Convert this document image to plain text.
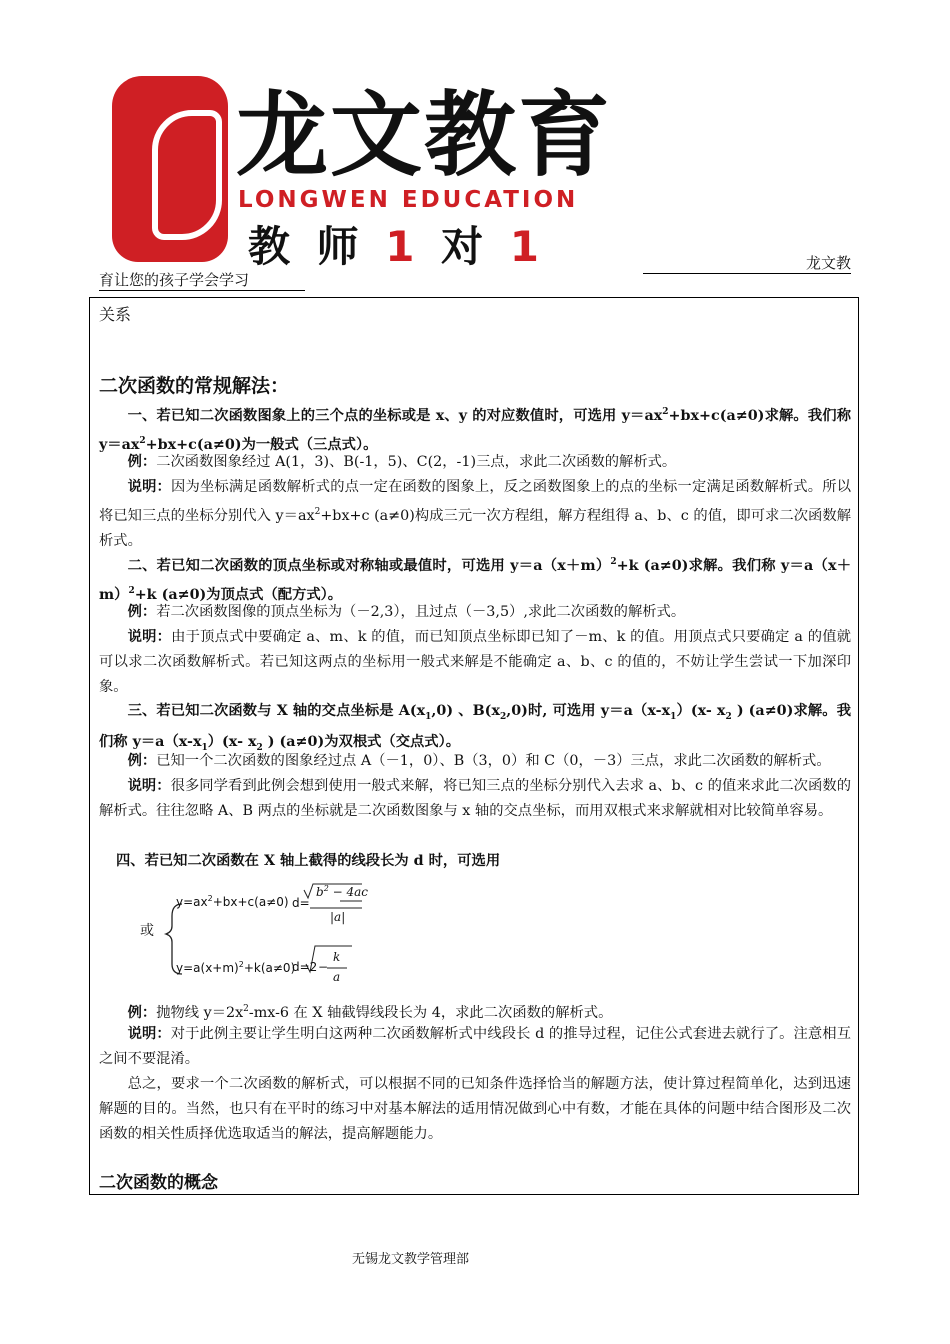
龙文教育
LONGWEN EDUCATION
教 师 1 对 1	龙文教
育让您的孩子学会学习
关系
二次函数的常规解法：
一、若已知二次函数图象上的三个点的坐标或是 x、y 的对应数值时，可选用 $y=ax^2+bx+c(a\ne 0)$求解。我们称 $y=ax^2+bx+c(a\ne 0)$为一般式（三点式）。
例：二次函数图象经过 A(1，3)、B(-1，5)、C(2，-1)三点，求此二次函数的解析式。
说明：因为坐标满足函数解析式的点一定在函数的图象上，反之函数图象上的点的坐标一定满足函数解析式。所以将已知三点的坐标分别代入 $y=ax^2+bx+c$ (a≠0)构成三元一次方程组，解方程组得 a、b、c 的值，即可求二次函数解析式。
二、若已知二次函数的顶点坐标或对称轴或最值时，可选用 $y=a(x+m)^2+k$ (a≠0)求解。我们称 $y=a(x+m)^2+k$ (a≠0)为顶点式（配方式）。
例：若二次函数图像的顶点坐标为（－2,3），且过点（－3,5）,求此二次函数的解析式。
说明：由于顶点式中要确定 a、m、k 的值，而已知顶点坐标即已知了－m、k 的值。用顶点式只要确定 a 的值就可以求二次函数解析式。若已知这两点的坐标用一般式来解是不能确定 a、b、c 的值的，不妨让学生尝试一下加深印象。
三、若已知二次函数与 X 轴的交点坐标是 $A(x_1,0)$ 、$B(x_2,0)$时, 可选用 $y=a(x-x_1)(x-$ $x_2$ ) (a≠0)求解。我们称 $y=a(x-x_1)(x-$ $x_2$ ) (a≠0)为双根式（交点式）。
例：已知一个二次函数的图象经过点 A（－1，0）、B（3，0）和 C（0，－3）三点，求此二次函数的解析式。
说明：很多同学看到此例会想到使用一般式来解，将已知三点的坐标分别代入去求 a、b、c 的值来求此二次函数的解析式。往往忽略 A、B 两点的坐标就是二次函数图象与 x 轴的交点坐标，而用双根式来求解就相对比较简单容易。
四、若已知二次函数在 X 轴上截得的线段长为 d 时，可选用
或
$y=ax^2+bx+c(a\ne 0)$ d=
$b^2 - 4ac$
|a|
$y=a(x+m)^2+k(a\ne 0)$
d=2 −
k
a
例：抛物线 $y=2x^2-mx-6$ 在 X 轴截锝线段长为 4，求此二次函数的解析式。
说明：对于此例主要让学生明白这两种二次函数解析式中线段长 d 的推导过程，记住公式套进去就行了。注意相互之间不要混淆。
总之，要求一个二次函数的解析式，可以根据不同的已知条件选择恰当的解题方法，使计算过程简单化，达到迅速解题的目的。当然，也只有在平时的练习中对基本解法的适用情况做到心中有数，才能在具体的问题中结合图形及二次函数的相关性质择优选取适当的解法，提高解题能力。
二次函数的概念
无锡龙文教学管理部
